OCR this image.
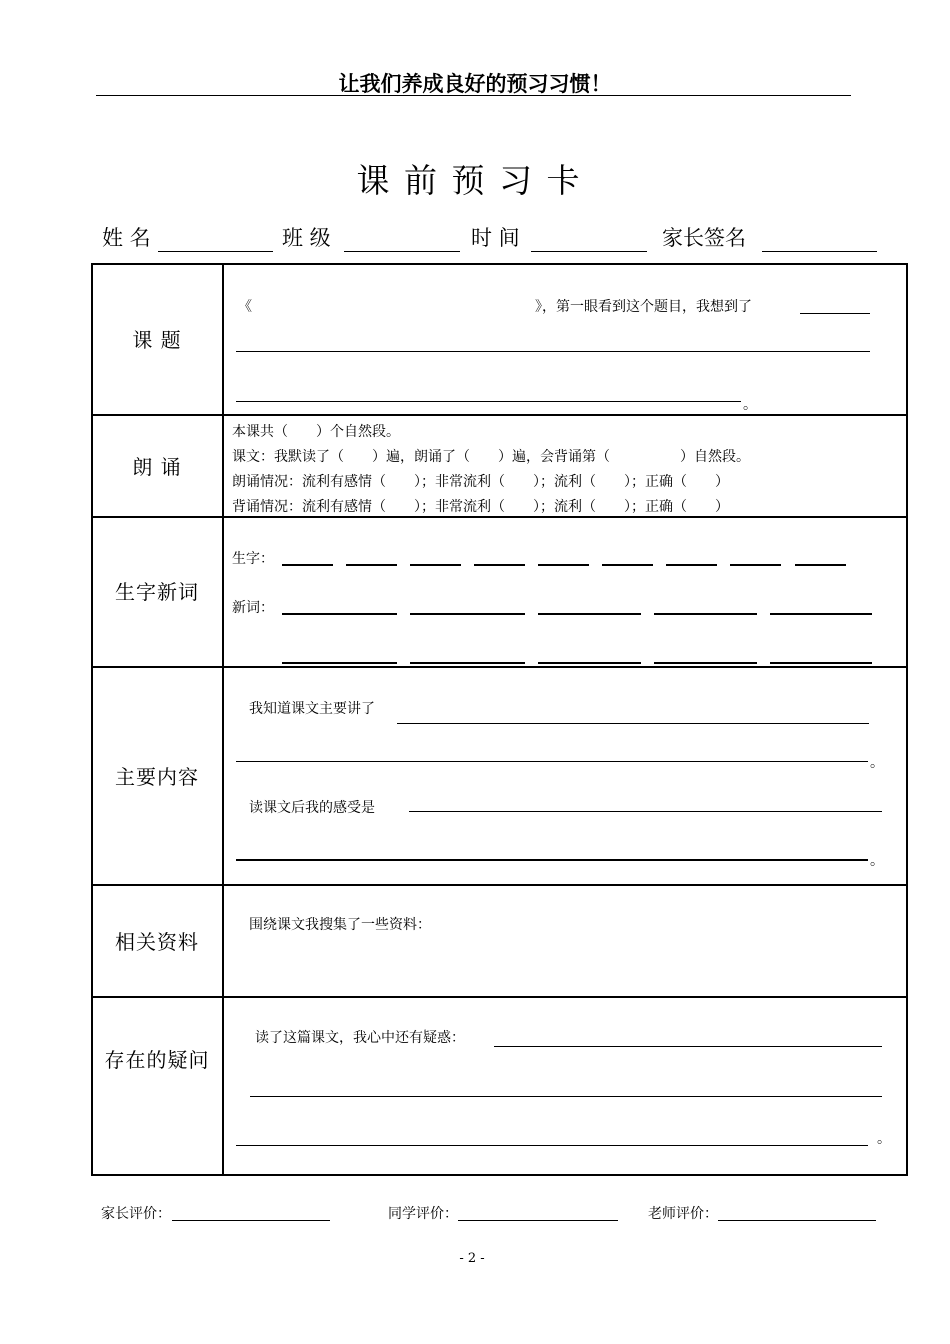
让我们养成良好的预习习惯！
课 前 预 习 卡
姓 名	班 级	时 间	家长签名
课 题
《	》，第一眼看到这个题目，我想到了
。
朗 诵
本课共（　　）个自然段。
课文：我默读了（　　）遍，朗诵了（　　）遍，会背诵第（　　　　　）自然段。
朗诵情况：流利有感情（　　）；非常流利（　　）；流利（　　）；正确（　　）
背诵情况：流利有感情（　　）；非常流利（　　）；流利（　　）；正确（　　）
生字新词
生字：
新词：
主要内容
我知道课文主要讲了
。
读课文后我的感受是
。
相关资料
围绕课文我搜集了一些资料：
存在的疑问
读了这篇课文，我心中还有疑惑：
。
家长评价：	同学评价：	老师评价：
- 2 -
